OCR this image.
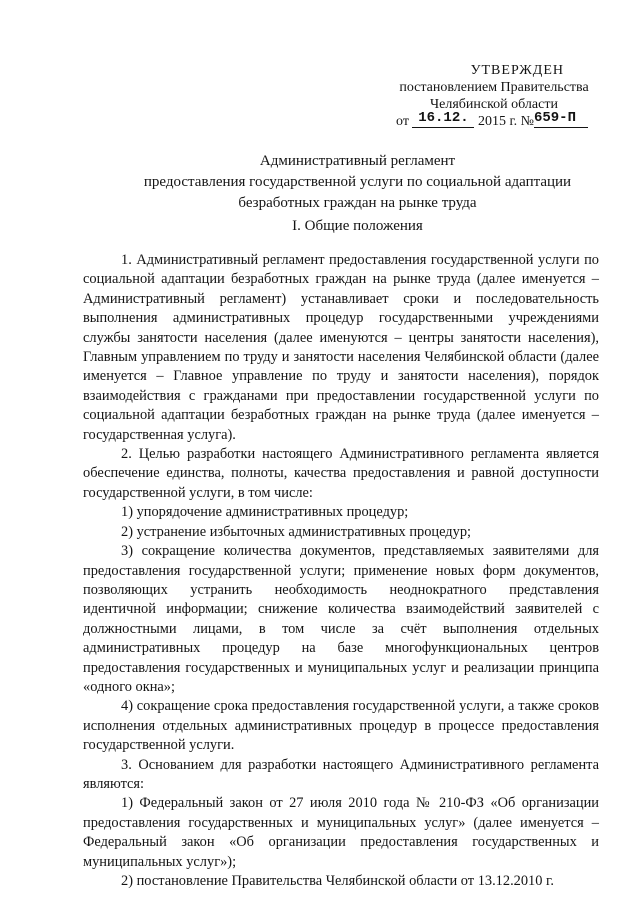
УТВЕРЖДЕН
постановлением Правительства
Челябинской области
от 16.12. 2015 г. №659-П
Административный регламент
предоставления государственной услуги по социальной адаптации
безработных граждан на рынке труда
I. Общие положения

1. Административный регламент предоставления государственной услуги по социальной адаптации безработных граждан на рынке труда (далее именуется – Административный регламент) устанавливает сроки и последовательность выполнения административных процедур государственными учреждениями службы занятости населения (далее именуются – центры занятости населения), Главным управлением по труду и занятости населения Челябинской области (далее именуется – Главное управление по труду и занятости населения), порядок взаимодействия с гражданами при предоставлении государственной услуги по социальной адаптации безработных граждан на рынке труда (далее именуется – государственная услуга).

2. Целью разработки настоящего Административного регламента является обеспечение единства, полноты, качества предоставления и равной доступности государственной услуги, в том числе:

1) упорядочение административных процедур;

2) устранение избыточных административных процедур;

3) сокращение количества документов, представляемых заявителями для предоставления государственной услуги; применение новых форм документов, позволяющих устранить необходимость неоднократного представления идентичной информации; снижение количества взаимодействий заявителей с должностными лицами, в том числе за счёт выполнения отдельных административных процедур на базе многофункциональных центров предоставления государственных и муниципальных услуг и реализации принципа «одного окна»;

4) сокращение срока предоставления государственной услуги, а также сроков исполнения отдельных административных процедур в процессе предоставления государственной услуги.

3. Основанием для разработки настоящего Административного регламента являются:

1) Федеральный закон от 27 июля 2010 года № 210-ФЗ «Об организации предоставления государственных и муниципальных услуг» (далее именуется – Федеральный закон «Об организации предоставления государственных и муниципальных услуг»);

2) постановление Правительства Челябинской области от 13.12.2010 г.
